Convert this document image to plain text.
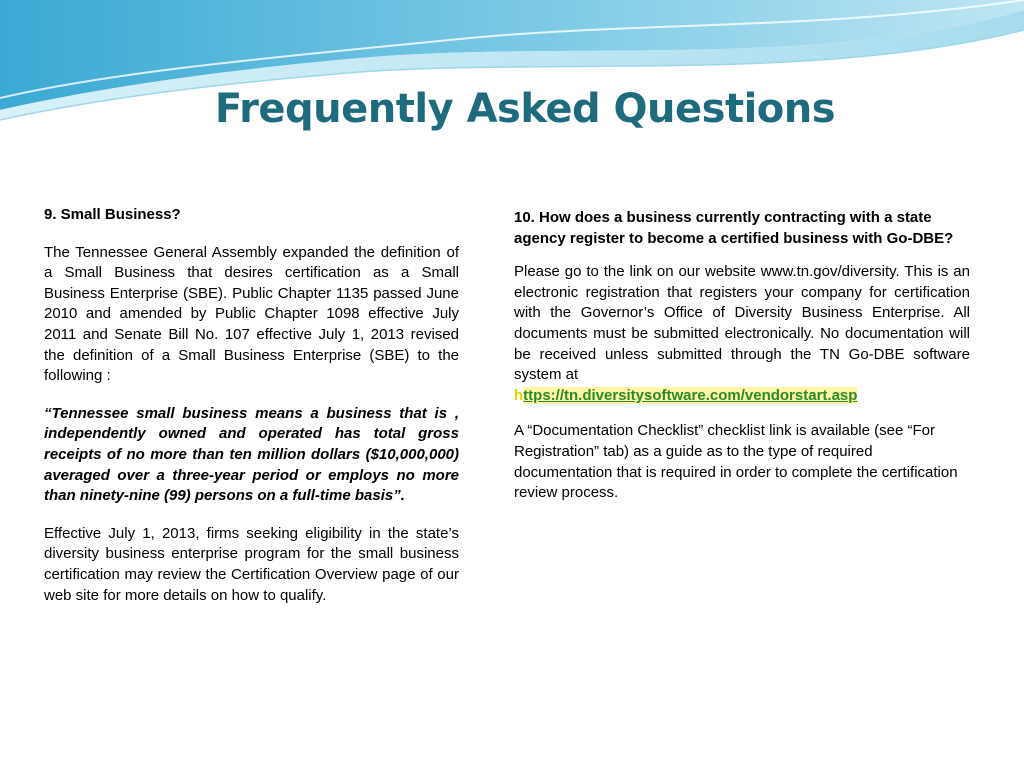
Frequently Asked Questions

9. Small Business?

The Tennessee General Assembly expanded the definition of a Small Business that desires certification as a Small Business Enterprise (SBE). Public Chapter 1135 passed June 2010 and amended by Public Chapter 1098 effective July 2011 and Senate Bill No. 107 effective July 1, 2013 revised the definition of a Small Business Enterprise (SBE) to the following :

“Tennessee small business means a business that is , independently owned and operated has total gross receipts of no more than ten million dollars ($10,000,000) averaged over a three-year period or employs no more than ninety-nine (99) persons on a full-time basis”.

Effective July 1, 2013, firms seeking eligibility in the state’s diversity business enterprise program for the small business certification may review the Certification Overview page of our web site for more details on how to qualify.

10. How does a business currently contracting with a state agency register to become a certified business with Go-DBE?

Please go to the link on our website www.tn.gov/diversity. This is an electronic registration that registers your company for certification with the Governor’s Office of Diversity Business Enterprise. All documents must be submitted electronically. No documentation will be received unless submitted through the TN Go-DBE software system at

https://tn.diversitysoftware.com/vendorstart.asp

A “Documentation Checklist” checklist link is available (see “For Registration” tab) as a guide as to the type of required documentation that is required in order to complete the certification review process.
